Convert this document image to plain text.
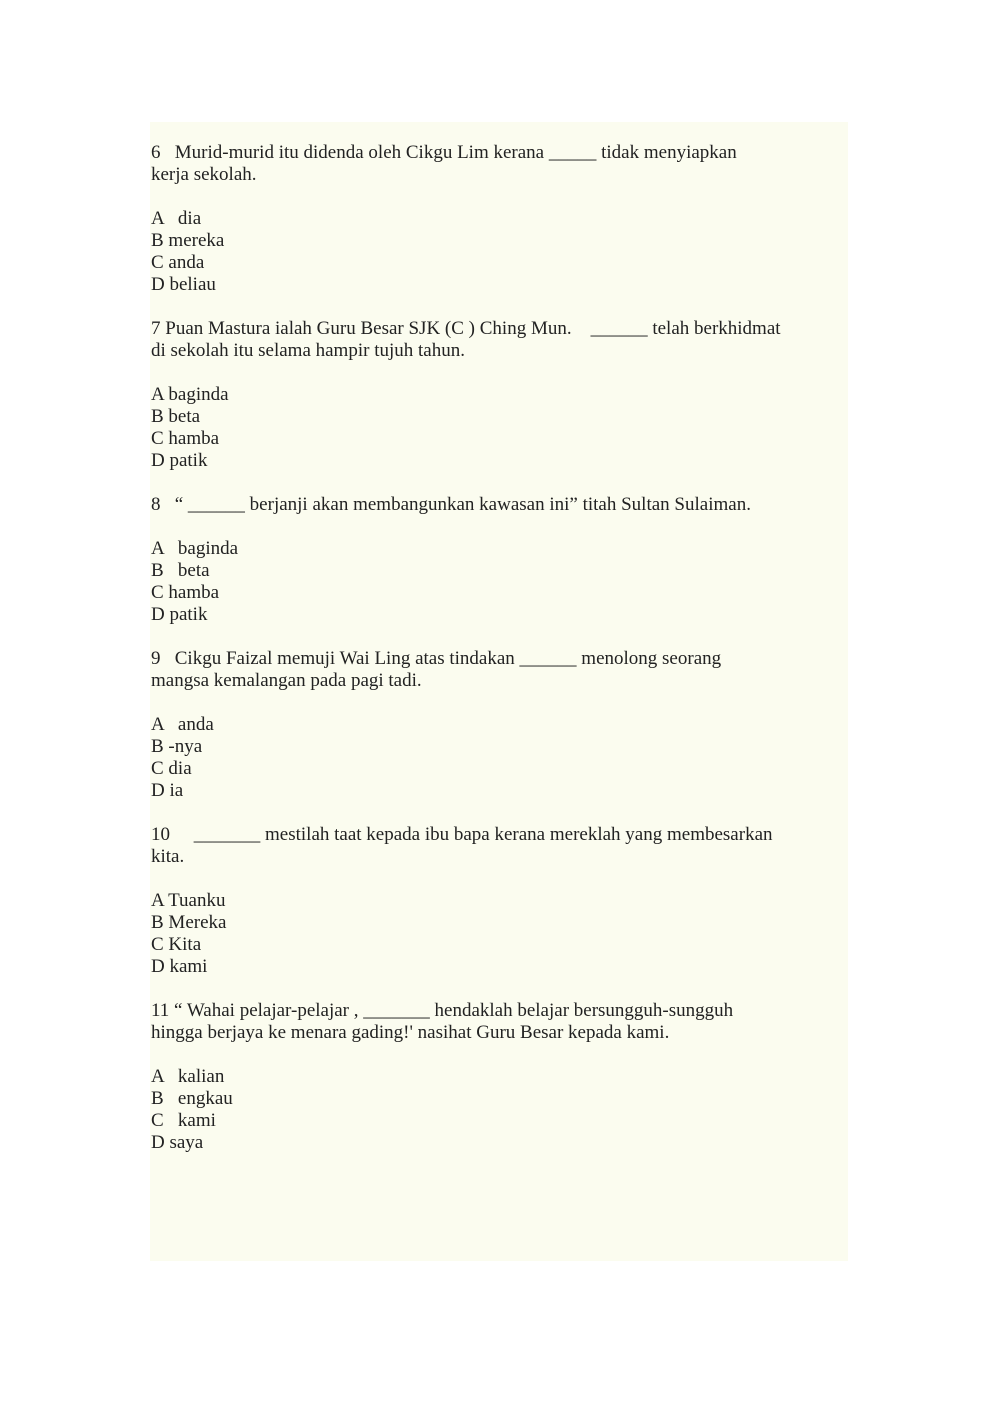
6   Murid-murid itu didenda oleh Cikgu Lim kerana _____ tidak menyiapkan
kerja sekolah.
A   dia
B mereka
C anda
D beliau
7 Puan Mastura ialah Guru Besar SJK (C ) Ching Mun.    ______ telah berkhidmat
di sekolah itu selama hampir tujuh tahun.
A baginda
B beta
C hamba
D patik
8   “ ______ berjanji akan membangunkan kawasan ini” titah Sultan Sulaiman.
A   baginda
B   beta
C hamba
D patik
9   Cikgu Faizal memuji Wai Ling atas tindakan ______ menolong seorang
mangsa kemalangan pada pagi tadi.
A   anda
B -nya
C dia
D ia
10     _______ mestilah taat kepada ibu bapa kerana mereklah yang membesarkan
kita.
A Tuanku
B Mereka
C Kita
D kami
11 “ Wahai pelajar-pelajar , _______ hendaklah belajar bersungguh-sungguh
hingga berjaya ke menara gading!' nasihat Guru Besar kepada kami.
A   kalian
B   engkau
C   kami
D saya
